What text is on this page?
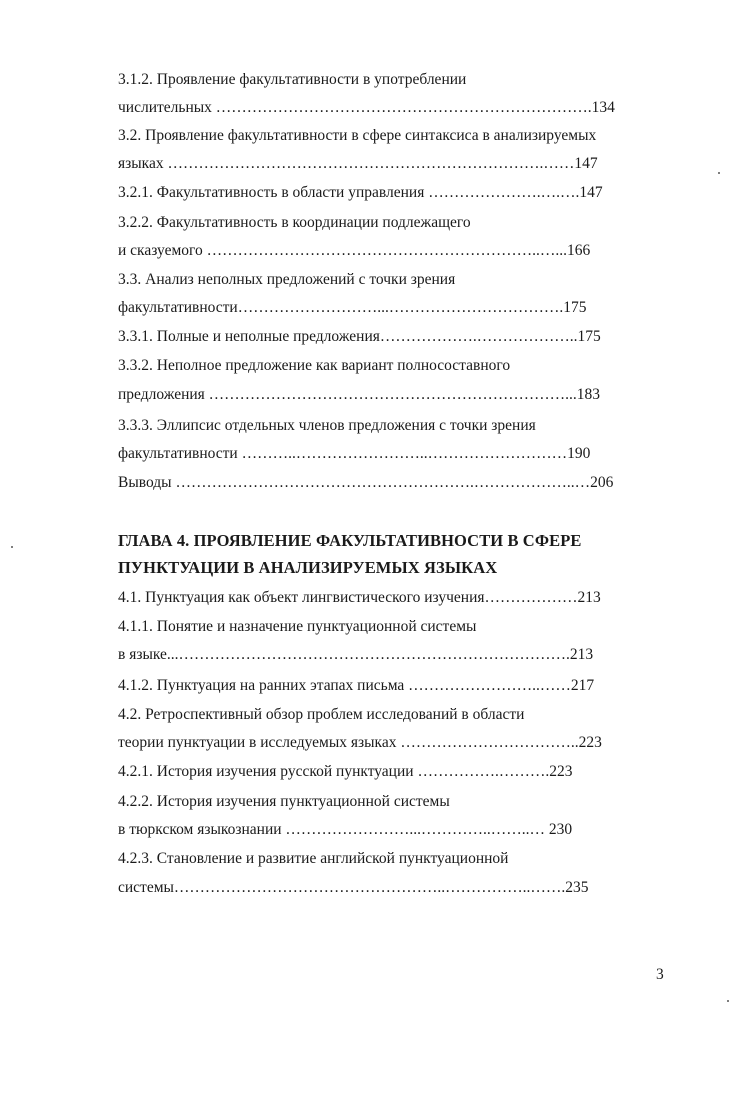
3.1.2. Проявление факультативности в употреблении
числительных ……………………………………………………………….134
3.2. Проявление факультативности в сфере синтаксиса в анализируемых
языках ……………………………………………………………….……147
3.2.1. Факультативность в области управления ………………….….….147
3.2.2. Факультативность в координации подлежащего
и сказуемого ………………………………………………………..…...166
3.3. Анализ неполных предложений с точки зрения
факультативности………………………...…………………………….175
3.3.1. Полные и неполные предложения……………….………………..175
3.3.2. Неполное предложение как вариант полносоставного
предложения ……………………………………………………………...183
3.3.3. Эллипсис отдельных членов предложения с точки зрения
факультативности ………..……………………..………………………190
Выводы ………………………………………………….………………..…206
ГЛАВА 4. ПРОЯВЛЕНИЕ ФАКУЛЬТАТИВНОСТИ В СФЕРЕ
ПУНКТУАЦИИ В АНАЛИЗИРУЕМЫХ ЯЗЫКАХ
4.1. Пунктуация как объект лингвистического изучения………………213
4.1.1. Понятие и назначение пунктуационной системы
в языке...………………………………………………………………….213
4.1.2. Пунктуация на ранних этапах письма ……………………..……217
4.2. Ретроспективный обзор проблем исследований в области
теории пунктуации в исследуемых языках ……………………………..223
4.2.1. История изучения русской пунктуации …………….……….223
4.2.2. История изучения пунктуационной системы
в тюркском языкознании ……………………...…………..……..… 230
4.2.3. Становление и развитие английской пунктуационной
системы……………………………………………..……………..…….235
3
